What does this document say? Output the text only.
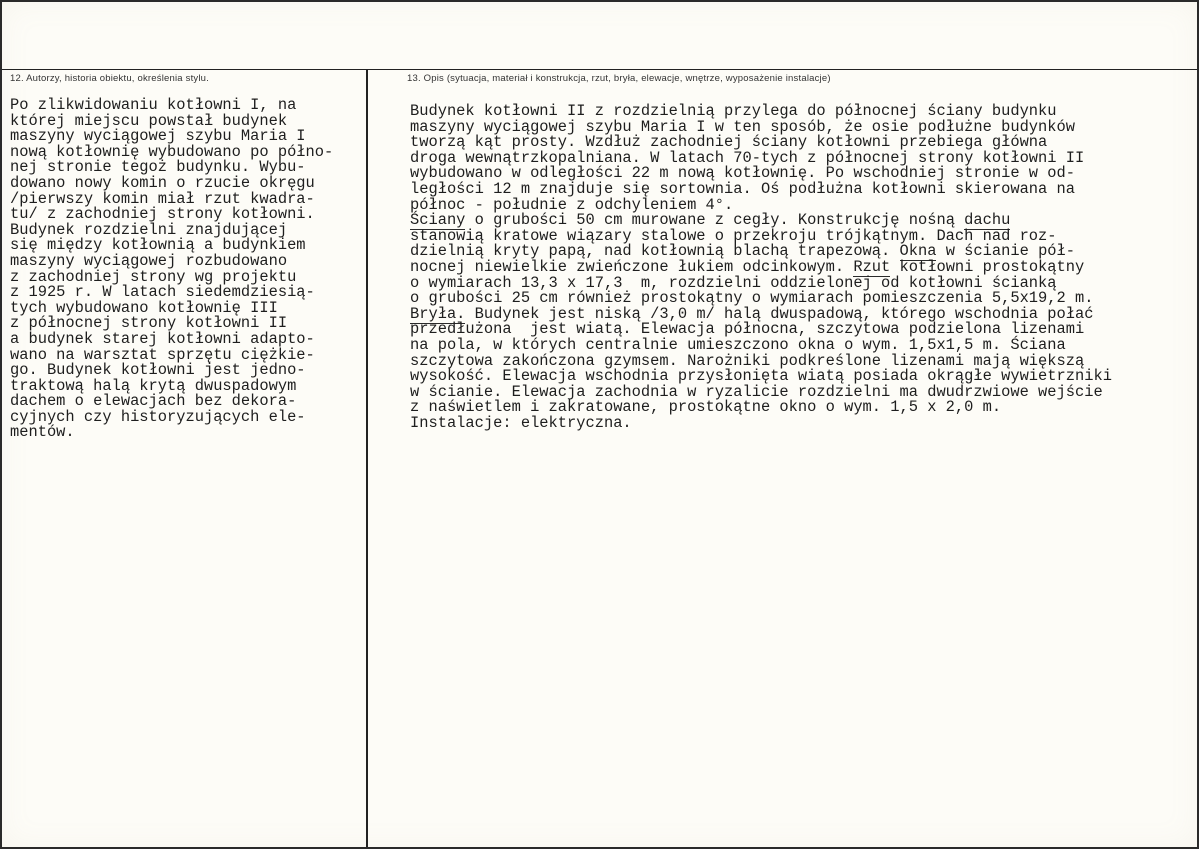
12. Autorzy, historia obiektu, określenia stylu.	13. Opis (sytuacja, materiał i konstrukcja, rzut, bryła, elewacje, wnętrze, wyposażenie instalacje)
Po zlikwidowaniu kotłowni I, na
której miejscu powstał budynek
maszyny wyciągowej szybu Maria I
nową kotłownię wybudowano po półno-
nej stronie tegoż budynku. Wybu-
dowano nowy komin o rzucie okręgu
/pierwszy komin miał rzut kwadra-
tu/ z zachodniej strony kotłowni.
Budynek rozdzielni znajdującej
się między kotłownią a budynkiem
maszyny wyciągowej rozbudowano
z zachodniej strony wg projektu
z 1925 r. W latach siedemdziesią-
tych wybudowano kotłownię III
z północnej strony kotłowni II
a budynek starej kotłowni adapto-
wano na warsztat sprzętu ciężkie-
go. Budynek kotłowni jest jedno-
traktową halą krytą dwuspadowym
dachem o elewacjach bez dekora-
cyjnych czy historyzujących ele-
mentów.
Budynek kotłowni II z rozdzielnią przylega do północnej ściany budynku
maszyny wyciągowej szybu Maria I w ten sposób, że osie podłużne budynków
tworzą kąt prosty. Wzdłuż zachodniej ściany kotłowni przebiega główna
droga wewnątrzkopalniana. W latach 70-tych z północnej strony kotłowni II
wybudowano w odległości 22 m nową kotłownię. Po wschodniej stronie w od-
ległości 12 m znajduje się sortownia. Oś podłużna kotłowni skierowana na
północ - południe z odchyleniem 4°.
Ściany o grubości 50 cm murowane z cegły. Konstrukcję nośną dachu
stanowią kratowe wiązary stalowe o przekroju trójkątnym. Dach nad roz-
dzielnią kryty papą, nad kotłownią blachą trapezową. Okna w ścianie pół-
nocnej niewielkie zwieńczone łukiem odcinkowym. Rzut kotłowni prostokątny
o wymiarach 13,3 x 17,3  m, rozdzielni oddzielonej od kotłowni ścianką
o grubości 25 cm również prostokątny o wymiarach pomieszczenia 5,5x19,2 m.
Bryła. Budynek jest niską /3,0 m/ halą dwuspadową, którego wschodnia połać
przedłużona  jest wiatą. Elewacja północna, szczytowa podzielona lizenami
na pola, w których centralnie umieszczono okna o wym. 1,5x1,5 m. Ściana
szczytowa zakończona gzymsem. Narożniki podkreślone lizenami mają większą
wysokość. Elewacja wschodnia przysłonięta wiatą posiada okrągłe wywietrzniki
w ścianie. Elewacja zachodnia w ryzalicie rozdzielni ma dwudrzwiowe wejście
z naświetlem i zakratowane, prostokątne okno o wym. 1,5 x 2,0 m.
Instalacje: elektryczna.
